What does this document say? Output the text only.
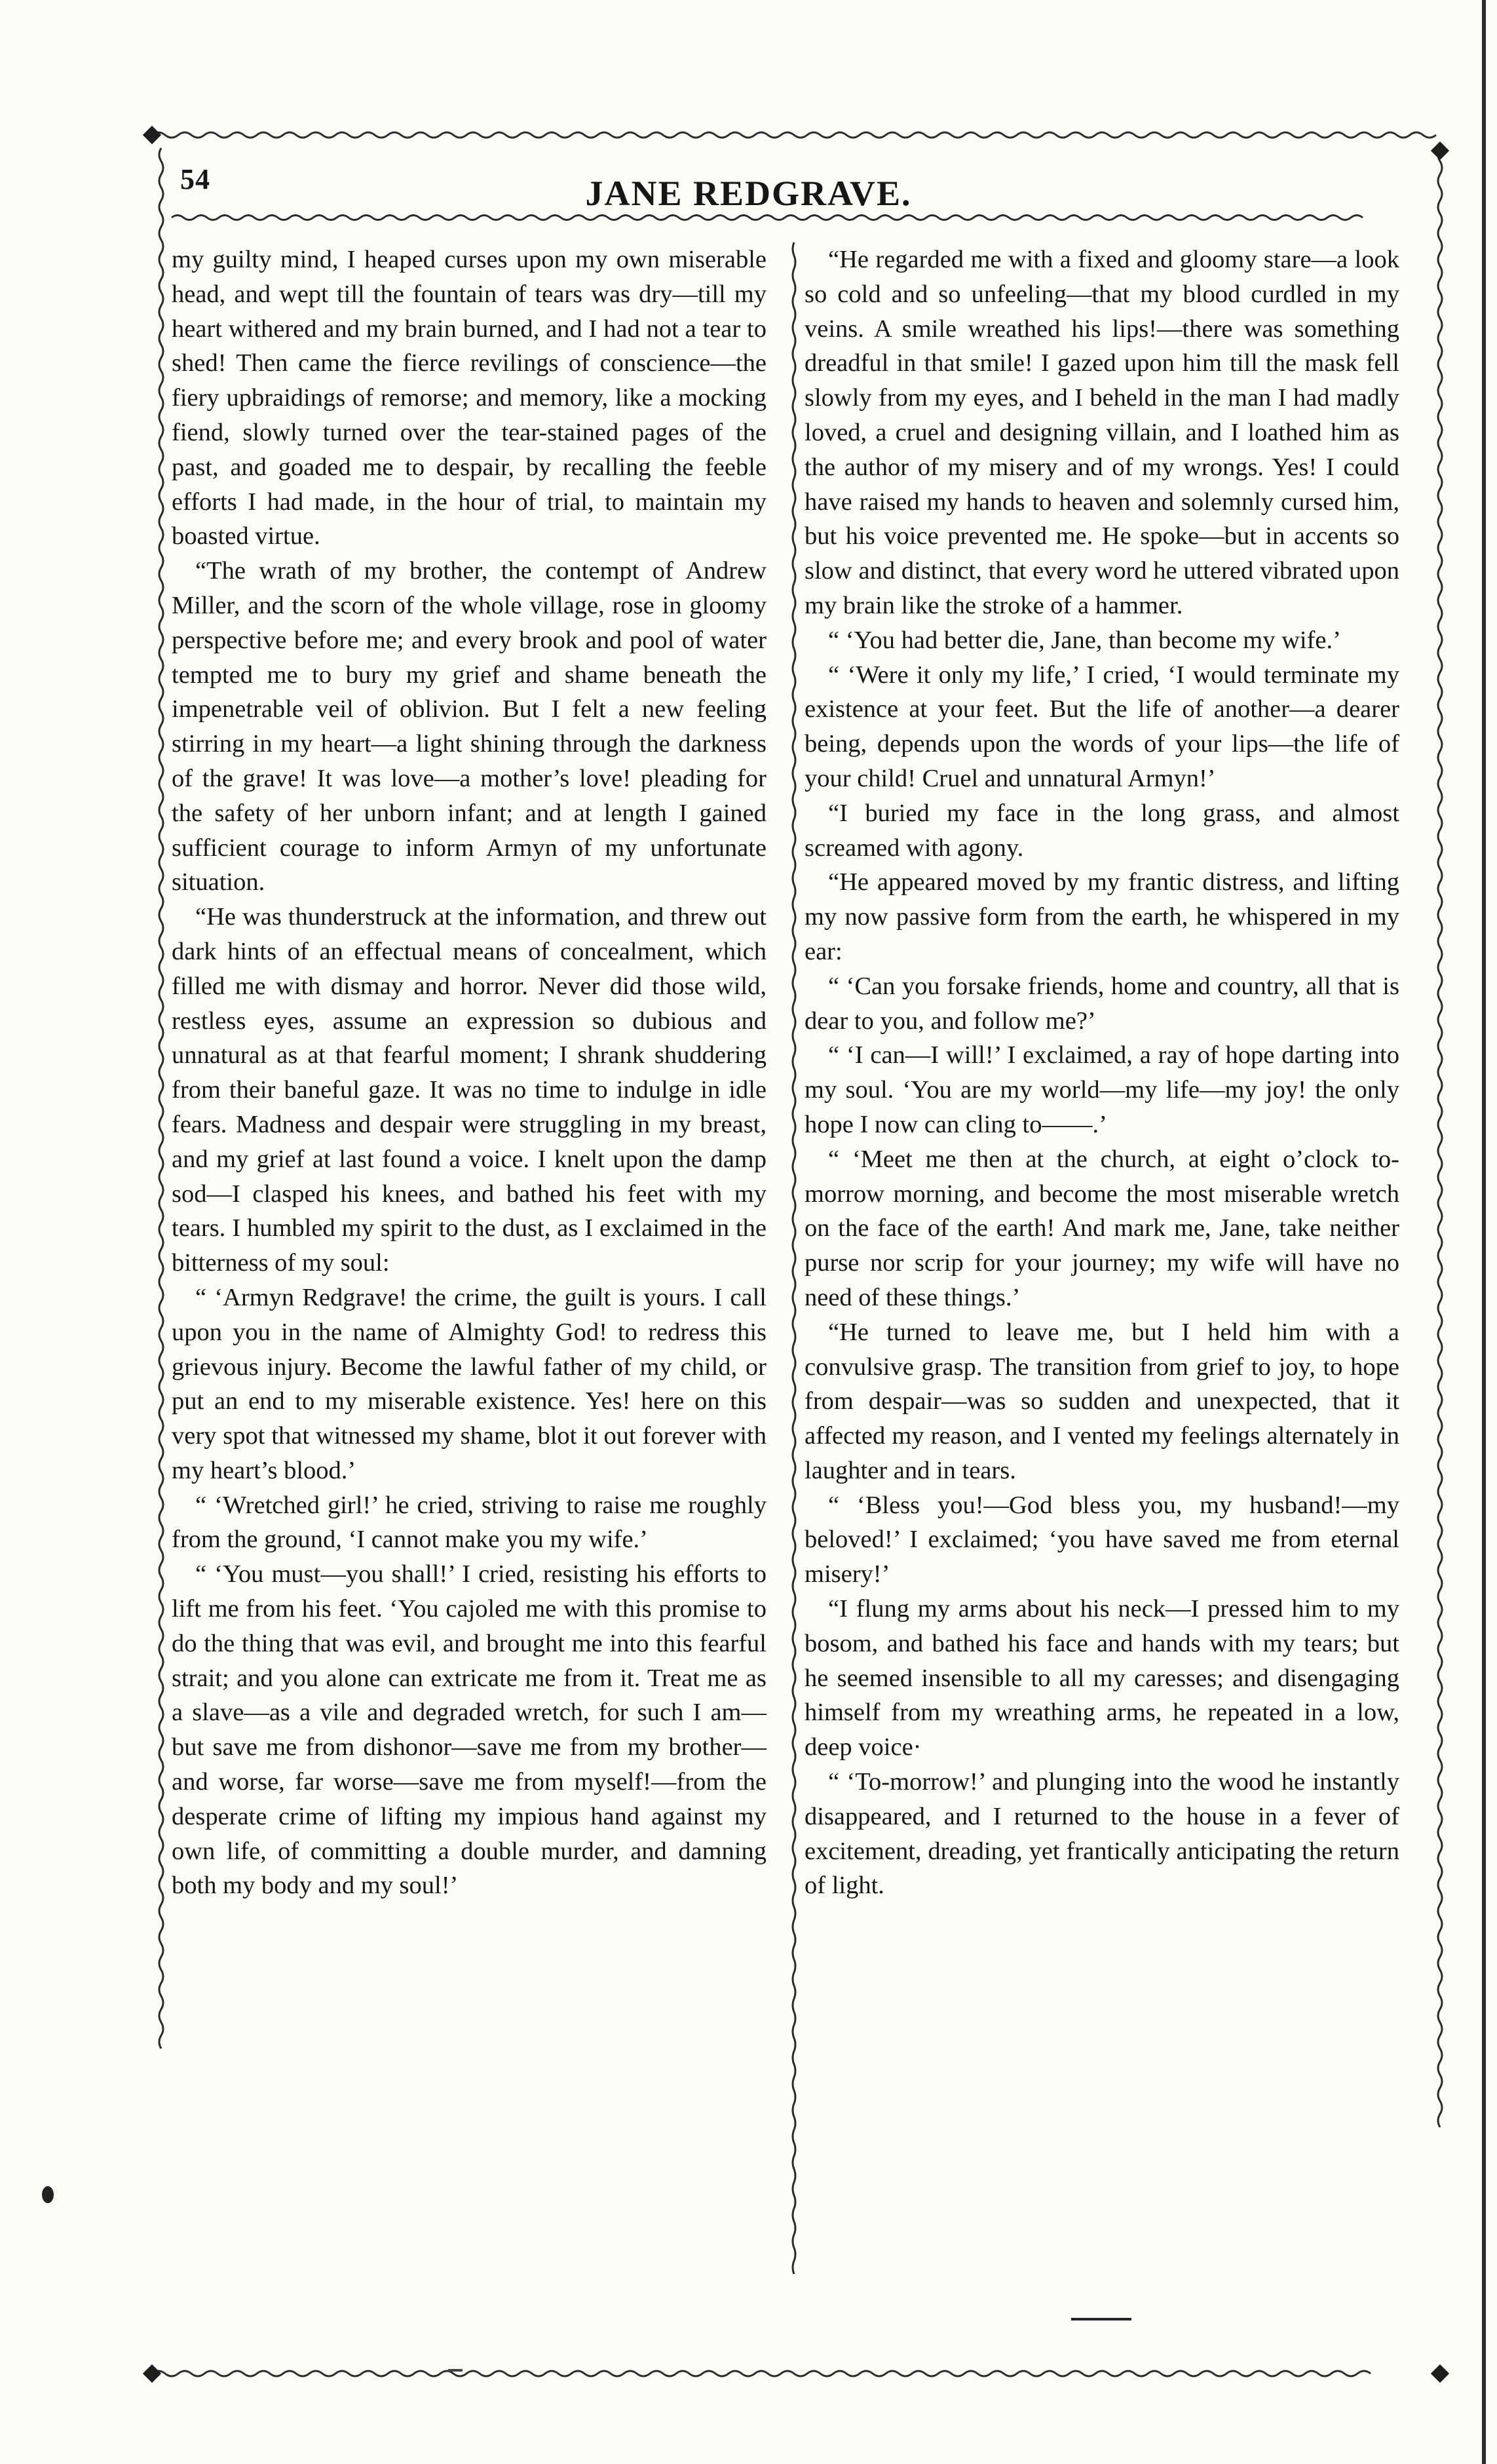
54	JANE REDGRAVE.

my guilty mind, I heaped curses upon my own miserable head, and wept till the fountain of tears was dry—till my heart withered and my brain burned, and I had not a tear to shed! Then came the fierce revilings of conscience—the fiery upbraidings of remorse; and memory, like a mocking fiend, slowly turned over the tear-stained pages of the past, and goaded me to despair, by recalling the feeble efforts I had made, in the hour of trial, to maintain my boasted virtue.

“The wrath of my brother, the contempt of Andrew Miller, and the scorn of the whole village, rose in gloomy perspective before me; and every brook and pool of water tempted me to bury my grief and shame beneath the impenetrable veil of oblivion. But I felt a new feeling stirring in my heart—a light shining through the darkness of the grave! It was love—a mother’s love! pleading for the safety of her unborn infant; and at length I gained sufficient courage to inform Armyn of my unfortunate situation.

“He was thunderstruck at the information, and threw out dark hints of an effectual means of concealment, which filled me with dismay and horror. Never did those wild, restless eyes, assume an expression so dubious and unnatural as at that fearful moment; I shrank shuddering from their baneful gaze. It was no time to indulge in idle fears. Madness and despair were struggling in my breast, and my grief at last found a voice. I knelt upon the damp sod—I clasped his knees, and bathed his feet with my tears. I humbled my spirit to the dust, as I exclaimed in the bitterness of my soul:

“ ‘Armyn Redgrave! the crime, the guilt is yours. I call upon you in the name of Almighty God! to redress this grievous injury. Become the lawful father of my child, or put an end to my miserable existence. Yes! here on this very spot that witnessed my shame, blot it out forever with my heart’s blood.’

“ ‘Wretched girl!’ he cried, striving to raise me roughly from the ground, ‘I cannot make you my wife.’

“ ‘You must—you shall!’ I cried, resisting his efforts to lift me from his feet. ‘You cajoled me with this promise to do the thing that was evil, and brought me into this fearful strait; and you alone can extricate me from it. Treat me as a slave—as a vile and degraded wretch, for such I am—but save me from dishonor—save me from my brother—and worse, far worse—save me from myself!—from the desperate crime of lifting my impious hand against my own life, of committing a double murder, and damning both my body and my soul!’

“He regarded me with a fixed and gloomy stare—a look so cold and so unfeeling—that my blood curdled in my veins. A smile wreathed his lips!—there was something dreadful in that smile! I gazed upon him till the mask fell slowly from my eyes, and I beheld in the man I had madly loved, a cruel and designing villain, and I loathed him as the author of my misery and of my wrongs. Yes! I could have raised my hands to heaven and solemnly cursed him, but his voice prevented me. He spoke—but in accents so slow and distinct, that every word he uttered vibrated upon my brain like the stroke of a hammer.

“ ‘You had better die, Jane, than become my wife.’

“ ‘Were it only my life,’ I cried, ‘I would terminate my existence at your feet. But the life of another—a dearer being, depends upon the words of your lips—the life of your child! Cruel and unnatural Armyn!’

“I buried my face in the long grass, and almost screamed with agony.

“He appeared moved by my frantic distress, and lifting my now passive form from the earth, he whispered in my ear:

“ ‘Can you forsake friends, home and country, all that is dear to you, and follow me?’

“ ‘I can—I will!’ I exclaimed, a ray of hope darting into my soul. ‘You are my world—my life—my joy! the only hope I now can cling to——.’

“ ‘Meet me then at the church, at eight o’clock to-morrow morning, and become the most miserable wretch on the face of the earth! And mark me, Jane, take neither purse nor scrip for your journey; my wife will have no need of these things.’

“He turned to leave me, but I held him with a convulsive grasp. The transition from grief to joy, to hope from despair—was so sudden and unexpected, that it affected my reason, and I vented my feelings alternately in laughter and in tears.

“ ‘Bless you!—God bless you, my husband!—my beloved!’ I exclaimed; ‘you have saved me from eternal misery!’

“I flung my arms about his neck—I pressed him to my bosom, and bathed his face and hands with my tears; but he seemed insensible to all my caresses; and disengaging himself from my wreathing arms, he repeated in a low, deep voice·

“ ‘To-morrow!’ and plunging into the wood he instantly disappeared, and I returned to the house in a fever of excitement, dreading, yet frantically anticipating the return of light.
